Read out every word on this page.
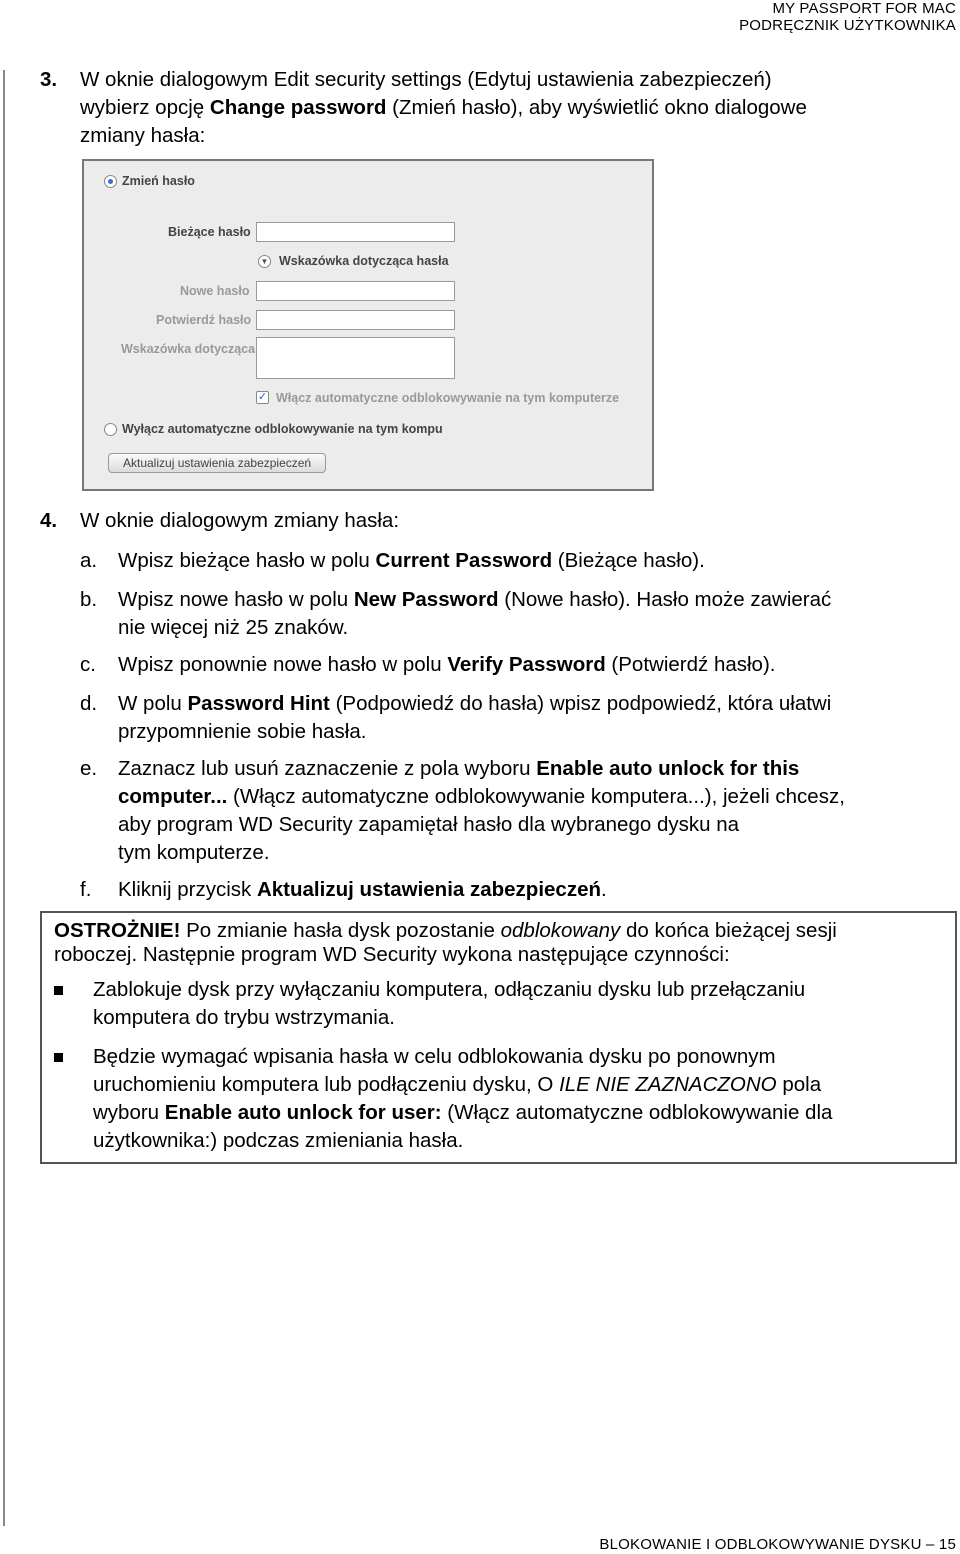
MY PASSPORT FOR MAC
PODRĘCZNIK UŻYTKOWNIKA
3. W oknie dialogowym Edit security settings (Edytuj ustawienia zabezpieczeń)
wybierz opcję Change password (Zmień hasło), aby wyświetlić okno dialogowe
zmiany hasła:
Zmień hasło
Bieżące hasło
▼ Wskazówka dotycząca hasła
Nowe hasło
Potwierdź hasło
Wskazówka dotycząca
✓ Włącz automatyczne odblokowywanie na tym komputerze
Wyłącz automatyczne odblokowywanie na tym kompu
Aktualizuj ustawienia zabezpieczeń
4. W oknie dialogowym zmiany hasła:
a. Wpisz bieżące hasło w polu Current Password (Bieżące hasło).
b. Wpisz nowe hasło w polu New Password (Nowe hasło). Hasło może zawierać
nie więcej niż 25 znaków.
c. Wpisz ponownie nowe hasło w polu Verify Password (Potwierdź hasło).
d. W polu Password Hint (Podpowiedź do hasła) wpisz podpowiedź, która ułatwi
przypomnienie sobie hasła.
e. Zaznacz lub usuń zaznaczenie z pola wyboru Enable auto unlock for this
computer... (Włącz automatyczne odblokowywanie komputera...), jeżeli chcesz,
aby program WD Security zapamiętał hasło dla wybranego dysku na
tym komputerze.
f. Kliknij przycisk Aktualizuj ustawienia zabezpieczeń.
OSTROŻNIE! Po zmianie hasła dysk pozostanie odblokowany do końca bieżącej sesji
roboczej. Następnie program WD Security wykona następujące czynności:
Zablokuje dysk przy wyłączaniu komputera, odłączaniu dysku lub przełączaniu
komputera do trybu wstrzymania.
Będzie wymagać wpisania hasła w celu odblokowania dysku po ponownym
uruchomieniu komputera lub podłączeniu dysku, O ILE NIE ZAZNACZONO pola
wyboru Enable auto unlock for user: (Włącz automatyczne odblokowywanie dla
użytkownika:) podczas zmieniania hasła.
BLOKOWANIE I ODBLOKOWYWANIE DYSKU – 15
